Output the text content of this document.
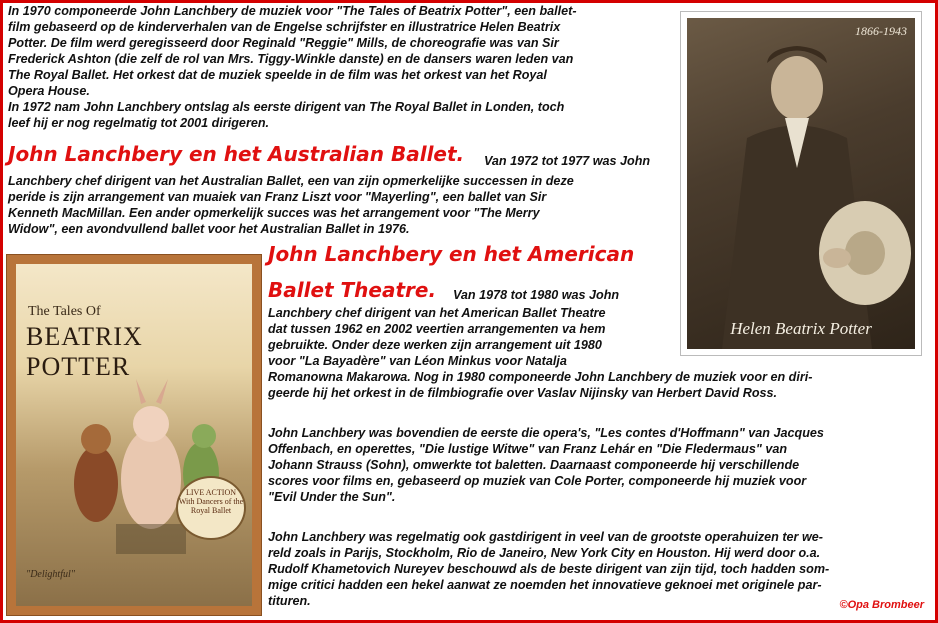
In 1970 componeerde John Lanchbery de muziek voor "The Tales of Beatrix Potter", een ballet-
film gebaseerd op de kinderverhalen van de Engelse schrijfster en illustratrice Helen Beatrix
Potter. De film werd geregisseerd door Reginald "Reggie" Mills, de choreografie was van Sir
Frederick Ashton (die zelf de rol van Mrs. Tiggy-Winkle danste) en de dansers waren leden van
The Royal Ballet. Het orkest dat de muziek speelde in de film was het orkest van het Royal
Opera House.
In 1972 nam John Lanchbery ontslag als eerste dirigent van The Royal Ballet in Londen, toch
leef hij er nog regelmatig tot 2001 dirigeren.
John Lanchbery en het Australian Ballet. Van 1972 tot 1977 was John
Lanchbery chef dirigent van het Australian Ballet, een van zijn opmerkelijke successen in deze
peride is zijn arrangement van muaiek van Franz Liszt voor "Mayerling", een ballet van Sir
Kenneth MacMillan. Een ander opmerkelijk succes was het arrangement voor "The Merry
Widow", een avondvullend ballet voor het Australian Ballet in 1976.
1866-1943
Helen Beatrix Potter
The Tales Of
BEATRIX POTTER
LIVE ACTION With Dancers of the Royal Ballet
"Delightful"
John Lanchbery en het American
Ballet Theatre. Van 1978 tot 1980 was John
Lanchbery chef dirigent van het American Ballet Theatre
dat tussen 1962 en 2002 veertien arrangementen va hem
gebruikte. Onder deze werken zijn arrangement uit 1980
voor "La Bayadère" van Léon Minkus voor Natalja
Romanowna Makarowa. Nog in 1980 componeerde John Lanchbery de muziek voor en diri-
geerde hij het orkest in de filmbiografie over Vaslav Nijinsky van Herbert David Ross.
John Lanchbery was bovendien de eerste die opera's, "Les contes d'Hoffmann" van Jacques
Offenbach, en operettes, "Die lustige Witwe" van Franz Lehár en "Die Fledermaus" van
Johann Strauss (Sohn), omwerkte tot baletten. Daarnaast componeerde hij verschillende
scores voor films en, gebaseerd op muziek van Cole Porter, componeerde hij muziek voor
"Evil Under the Sun".
John Lanchbery was regelmatig ook gastdirigent in veel van de grootste operahuizen ter we-
reld zoals in Parijs, Stockholm, Rio de Janeiro, New York City en Houston. Hij werd door o.a.
Rudolf Khametovich Nureyev beschouwd als de beste dirigent van zijn tijd, toch hadden som-
mige critici hadden een hekel aanwat ze noemden het innovatieve geknoei met originele par-
tituren.	©Opa Brombeer
